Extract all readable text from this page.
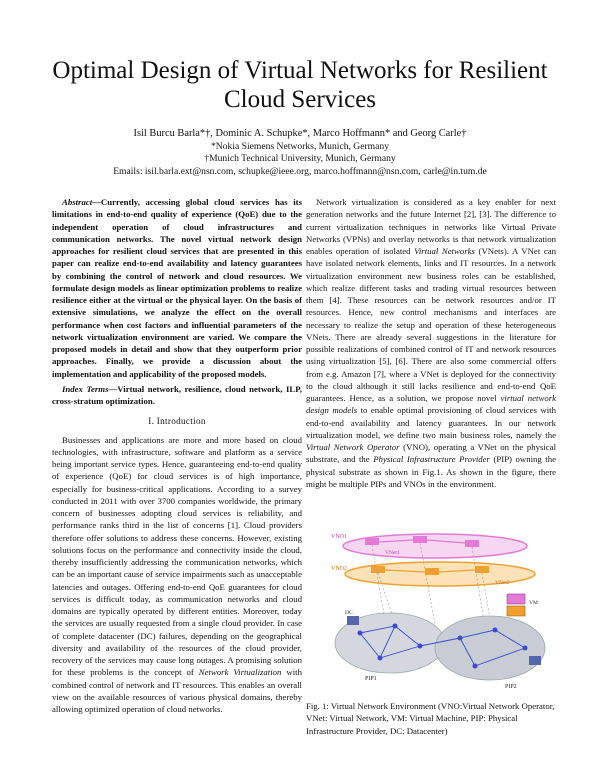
Optimal Design of Virtual Networks for Resilient
Cloud Services
Isil Burcu Barla*†, Dominic A. Schupke*, Marco Hoffmann* and Georg Carle†
*Nokia Siemens Networks, Munich, Germany
†Munich Technical University, Munich, Germany
Emails: isil.barla.ext@nsn.com, schupke@ieee.org, marco.hoffmann@nsn.com, carle@in.tum.de

Abstract—Currently, accessing global cloud services has its limitations in end-to-end quality of experience (QoE) due to the independent operation of cloud infrastructures and communication networks. The novel virtual network design approaches for resilient cloud services that are presented in this paper can realize end-to-end availability and latency guarantees by combining the control of network and cloud resources. We formulate design models as linear optimization problems to realize resilience either at the virtual or the physical layer. On the basis of extensive simulations, we analyze the effect on the overall performance when cost factors and influential parameters of the network virtualization environment are varied. We compare the proposed models in detail and show that they outperform prior approaches. Finally, we provide a discussion about the implementation and applicability of the proposed models.

Index Terms—Virtual network, resilience, cloud network, ILP, cross-stratum optimization.

I. Introduction

Businesses and applications are more and more based on cloud technologies, with infrastructure, software and platform as a service being important service types. Hence, guaranteeing end-to-end quality of experience (QoE) for cloud services is of high importance, especially for business-critical applications. According to a survey conducted in 2011 with over 3700 companies worldwide, the primary concern of businesses adopting cloud services is reliability, and performance ranks third in the list of concerns [1]. Cloud providers therefore offer solutions to address these concerns. However, existing solutions focus on the performance and connectivity inside the cloud, thereby insufficiently addressing the communication networks, which can be an important cause of service impairments such as unacceptable latencies and outages. Offering end-to-end QoE guarantees for cloud services is difficult today, as communication networks and cloud domains are typically operated by different entities. Moreover, today the services are usually requested from a single cloud provider. In case of complete datacenter (DC) failures, depending on the geographical diversity and availability of the resources of the cloud provider, recovery of the services may cause long outages. A promising solution for these problems is the concept of Network Virtualization with combined control of network and IT resources. This enables an overall view on the available resources of various physical domains, thereby allowing optimized operation of cloud networks.

Network virtualization is considered as a key enabler for next generation networks and the future Internet [2], [3]. The difference to current virtualization techniques in networks like Virtual Private Networks (VPNs) and overlay networks is that network virtualization enables operation of isolated Virtual Networks (VNets). A VNet can have isolated network elements, links and IT resources. In a network virtualization environment new business roles can be established, which realize different tasks and trading virtual resources between them [4]. These resources can be network resources and/or IT resources. Hence, new control mechanisms and interfaces are necessary to realize the setup and operation of these heterogeneous VNets. There are already several suggestions in the literature for possible realizations of combined control of IT and network resources using virtualization [5], [6]. There are also some commercial offers from e.g. Amazon [7], where a VNet is deployed for the connectivity to the cloud although it still lacks resilience and end-to-end QoE guarantees. Hence, as a solution, we propose novel virtual network design models to enable optimal provisioning of cloud services with end-to-end availability and latency guarantees. In our network virtualization model, we define two main business roles, namely the Virtual Network Operator (VNO), operating a VNet on the physical substrate, and the Physical Infrastructure Provider (PIP) owning the physical substrate as shown in Fig.1. As shown in the figure, there might be multiple PIPs and VNOs in the environment.

VNO1
VNet1
VNO2
VNet2
VM
DC
PIP1
PIP2
Fig. 1: Virtual Network Environment (VNO:Virtual Network Operator, VNet: Virtual Network, VM: Virtual Machine, PIP: Physical Infrastructure Provider, DC: Datacenter)
